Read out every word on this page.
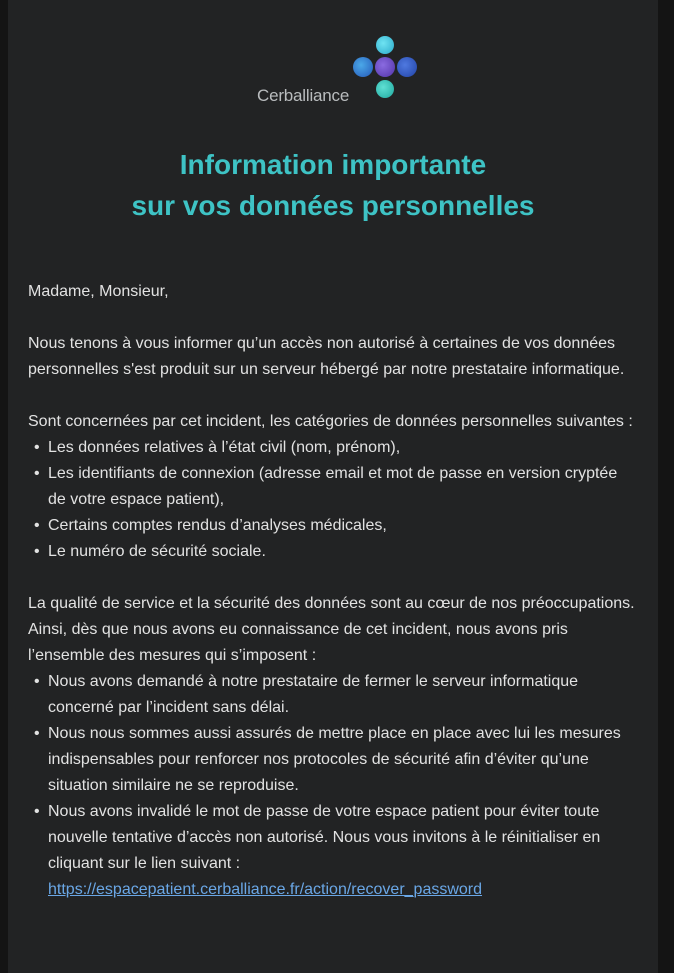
Cerballiance
Information importante
sur vos données personnelles

Madame, Monsieur,

Nous tenons à vous informer qu’un accès non autorisé à certaines de vos données personnelles s'est produit sur un serveur hébergé par notre prestataire informatique.

Sont concernées par cet incident, les catégories de données personnelles suivantes :

• Les données relatives à l’état civil (nom, prénom),
• Les identifiants de connexion (adresse email et mot de passe en version cryptée de votre espace patient),
• Certains comptes rendus d’analyses médicales,
• Le numéro de sécurité sociale.

La qualité de service et la sécurité des données sont au cœur de nos préoccupations. Ainsi, dès que nous avons eu connaissance de cet incident, nous avons pris l’ensemble des mesures qui s’imposent :

• Nous avons demandé à notre prestataire de fermer le serveur informatique concerné par l’incident sans délai.
• Nous nous sommes aussi assurés de mettre place en place avec lui les mesures indispensables pour renforcer nos protocoles de sécurité afin d’éviter qu’une situation similaire ne se reproduise.
• Nous avons invalidé le mot de passe de votre espace patient pour éviter toute nouvelle tentative d’accès non autorisé. Nous vous invitons à le réinitialiser en cliquant sur le lien suivant : https://espacepatient.cerballiance.fr/action/recover_password
